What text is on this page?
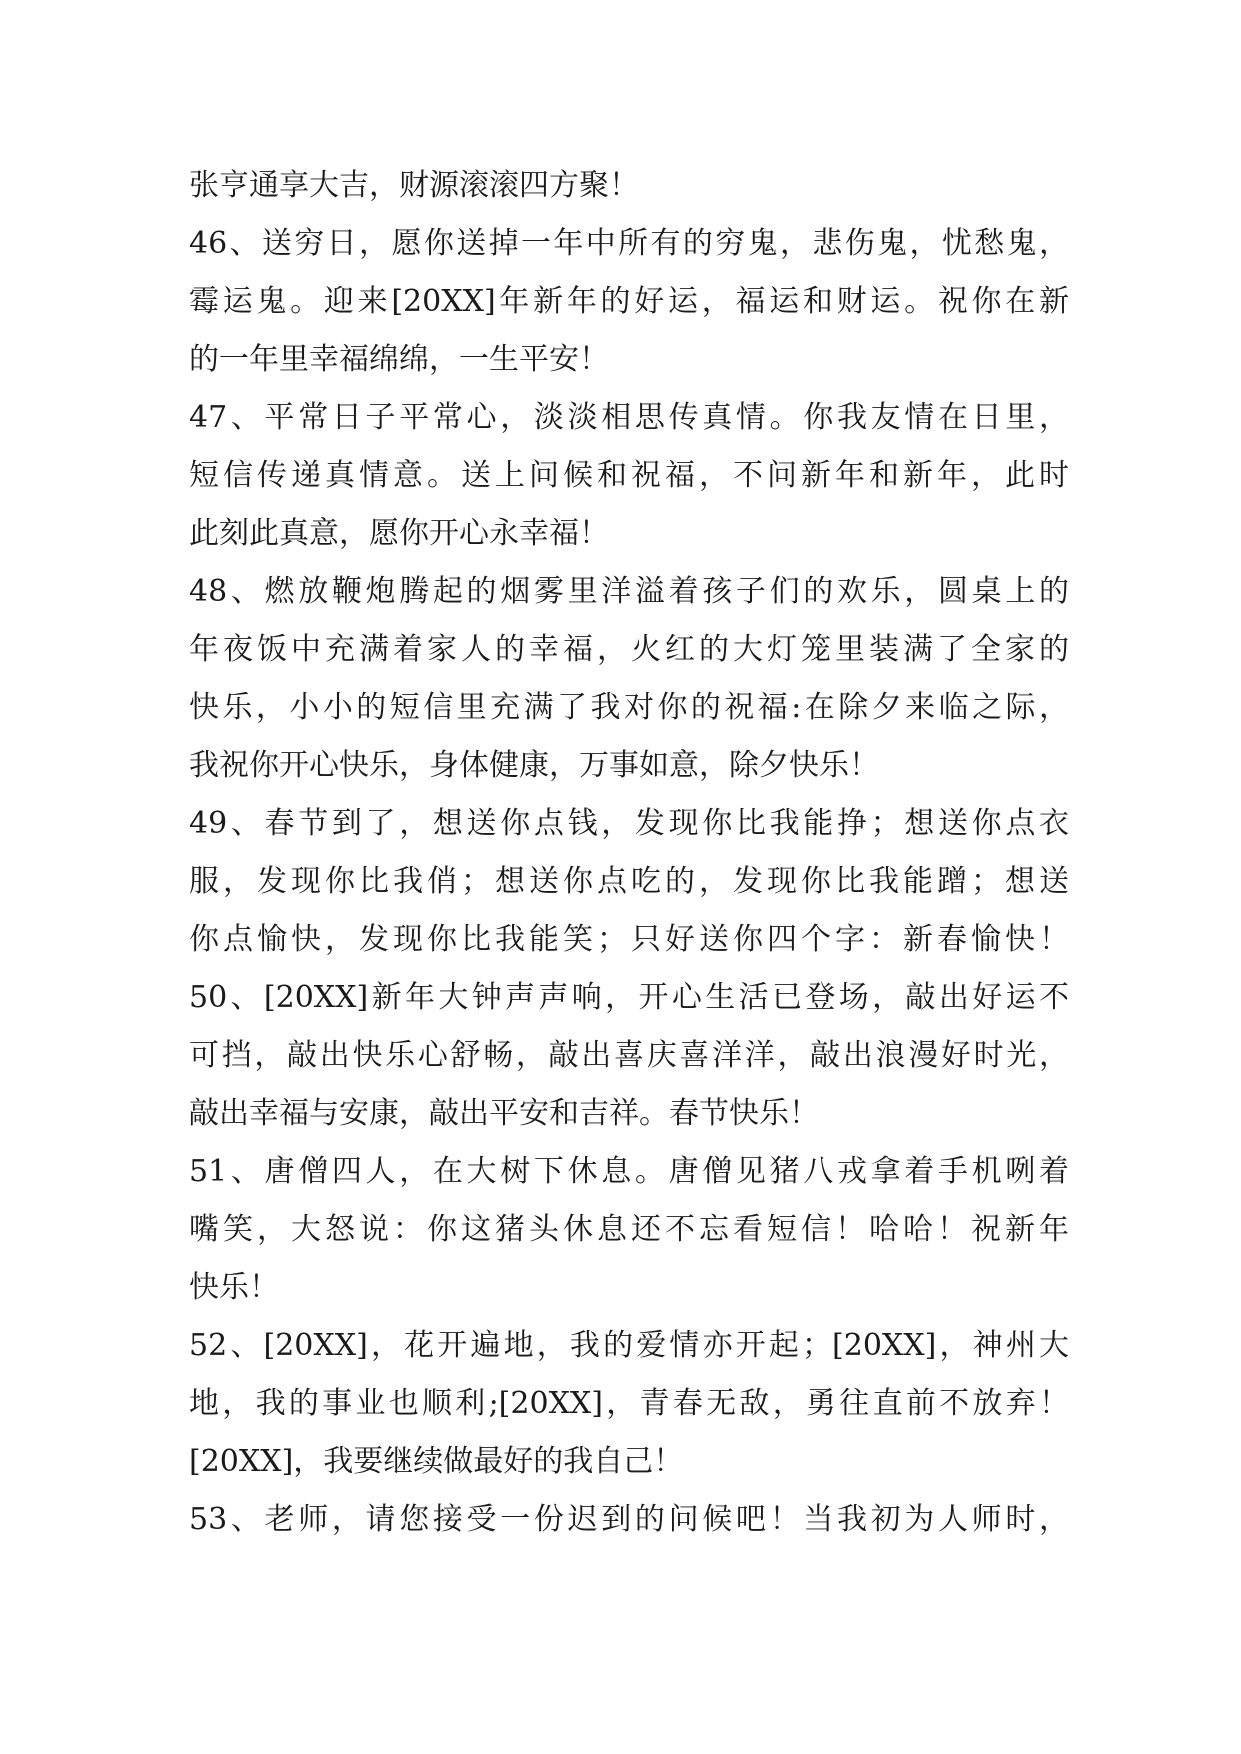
张亨通享大吉，财源滚滚四方聚！
46、送穷日，愿你送掉一年中所有的穷鬼，悲伤鬼，忧愁鬼，
霉运鬼。迎来[20XX]年新年的好运，福运和财运。祝你在新
的一年里幸福绵绵，一生平安！
47、平常日子平常心，淡淡相思传真情。你我友情在日里，
短信传递真情意。送上问候和祝福，不问新年和新年，此时
此刻此真意，愿你开心永幸福！
48、燃放鞭炮腾起的烟雾里洋溢着孩子们的欢乐，圆桌上的
年夜饭中充满着家人的幸福，火红的大灯笼里装满了全家的
快乐，小小的短信里充满了我对你的祝福:在除夕来临之际，
我祝你开心快乐，身体健康，万事如意，除夕快乐！
49、春节到了，想送你点钱，发现你比我能挣；想送你点衣
服，发现你比我俏；想送你点吃的，发现你比我能蹭；想送
你点愉快，发现你比我能笑；只好送你四个字：新春愉快！
50、[20XX]新年大钟声声响，开心生活已登场，敲出好运不
可挡，敲出快乐心舒畅，敲出喜庆喜洋洋，敲出浪漫好时光，
敲出幸福与安康，敲出平安和吉祥。春节快乐！
51、唐僧四人，在大树下休息。唐僧见猪八戎拿着手机咧着
嘴笑，大怒说：你这猪头休息还不忘看短信！哈哈！祝新年
快乐！
52、[20XX]，花开遍地，我的爱情亦开起；[20XX]，神州大
地，我的事业也顺利;[20XX]，青春无敌，勇往直前不放弃！
[20XX]，我要继续做最好的我自己！
53、老师，请您接受一份迟到的问候吧！当我初为人师时，
